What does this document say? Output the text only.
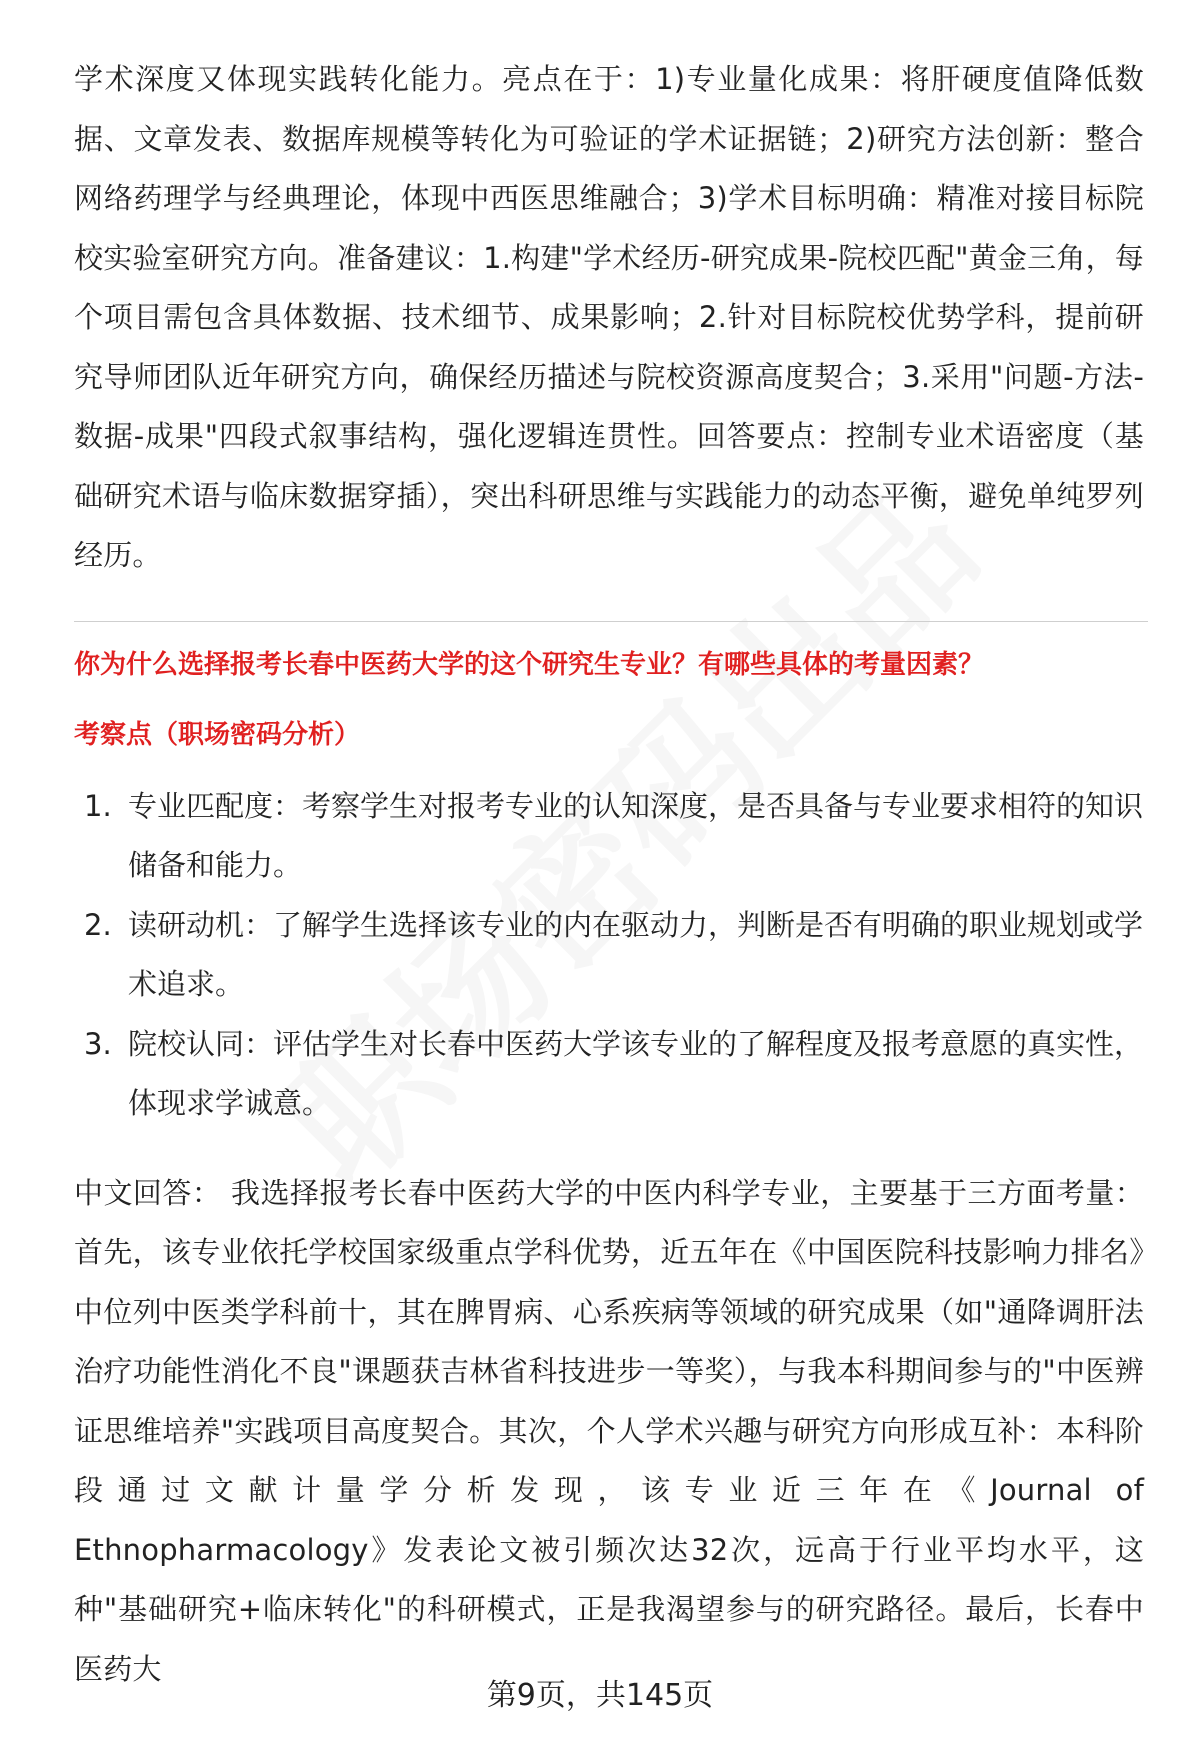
学术深度又体现实践转化能力。亮点在于：1)专业量化成果：将肝硬度值降低数据、文章发表、数据库规模等转化为可验证的学术证据链；2)研究方法创新：整合网络药理学与经典理论，体现中西医思维融合；3)学术目标明确：精准对接目标院校实验室研究方向。准备建议：1.构建"学术经历-研究成果-院校匹配"黄金三角，每个项目需包含具体数据、技术细节、成果影响；2.针对目标院校优势学科，提前研究导师团队近年研究方向，确保经历描述与院校资源高度契合；3.采用"问题-方法-数据-成果"四段式叙事结构，强化逻辑连贯性。回答要点：控制专业术语密度（基础研究术语与临床数据穿插），突出科研思维与实践能力的动态平衡，避免单纯罗列经历。

你为什么选择报考长春中医药大学的这个研究生专业？有哪些具体的考量因素？

考察点（职场密码分析）

1. 专业匹配度：考察学生对报考专业的认知深度，是否具备与专业要求相符的知识储备和能力。
2. 读研动机：了解学生选择该专业的内在驱动力，判断是否有明确的职业规划或学术追求。
3. 院校认同：评估学生对长春中医药大学该专业的了解程度及报考意愿的真实性，体现求学诚意。

中文回答： 我选择报考长春中医药大学的中医内科学专业，主要基于三方面考量：首先，该专业依托学校国家级重点学科优势，近五年在《中国医院科技影响力排名》中位列中医类学科前十，其在脾胃病、心系疾病等领域的研究成果（如"通降调肝法治疗功能性消化不良"课题获吉林省科技进步一等奖），与我本科期间参与的"中医辨证思维培养"实践项目高度契合。其次，个人学术兴趣与研究方向形成互补：本科阶段通过文献计量学分析发现，该专业近三年在《Journal of Ethnopharmacology》发表论文被引频次达32次，远高于行业平均水平，这种"基础研究+临床转化"的科研模式，正是我渴望参与的研究路径。最后，长春中医药大

第9页，共145页
